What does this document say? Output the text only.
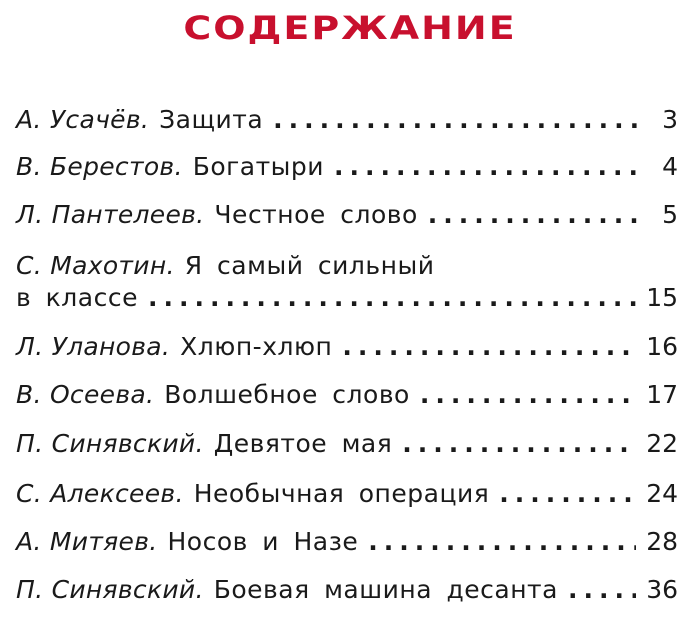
СОДЕРЖАНИЕ
А. Усачёв. Защита .....	3
В. Берестов. Богатыри .....	4
Л. Пантелеев. Честное слово .....	5
С. Махотин. Я самый сильный
в классе .....	15
Л. Уланова. Хлюп-хлюп .....	16
В. Осеева. Волшебное слово .....	17
П. Синявский. Девятое мая .....	22
С. Алексеев. Необычная операция .....	24
А. Митяев. Носов и Назе .....	28
П. Синявский. Боевая машина десанта .....	36
